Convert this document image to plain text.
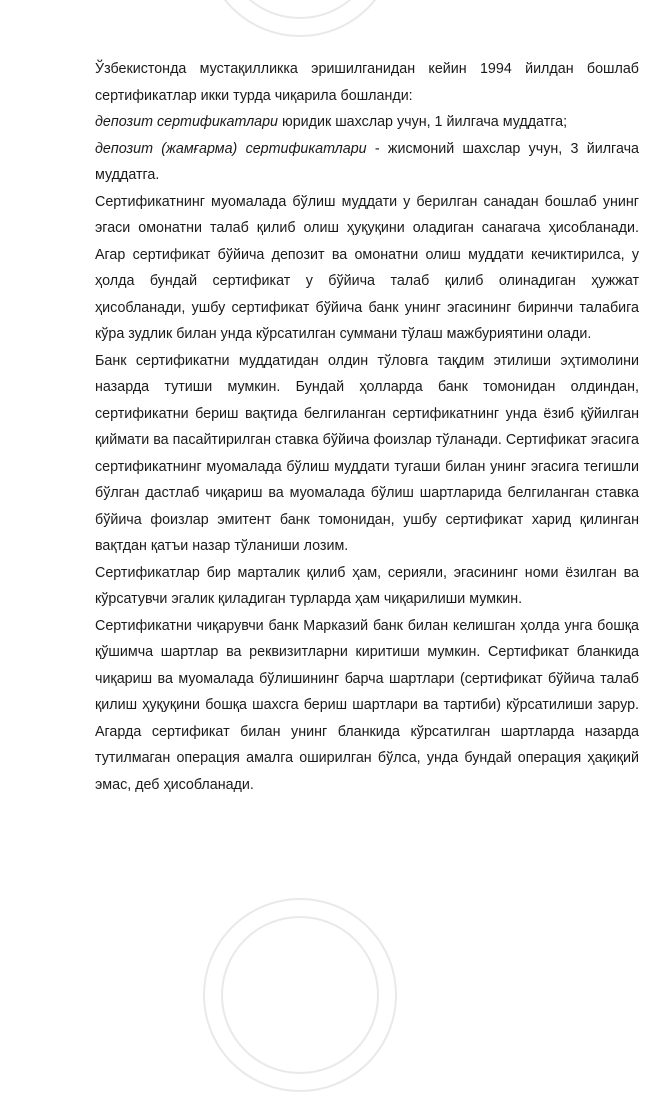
Ўзбекистонда мустақилликка эришилганидан кейин 1994 йилдан бошлаб сертификатлар икки турда чиқарила бошланди:

депозит сертификатлари юридик шахслар учун, 1 йилгача муддатга;

депозит (жамғарма) сертификатлари - жисмоний шахслар учун, 3 йилгача муддатга.

Сертификатнинг муомалада бўлиш муддати у берилган санадан бошлаб унинг эгаси омонатни талаб қилиб олиш ҳуқуқини оладиган санагача ҳисобланади. Агар сертификат бўйича депозит ва омонатни олиш муддати кечиктирилса, у ҳолда бундай сертификат у бўйича талаб қилиб олинадиган ҳужжат ҳисобланади, ушбу сертификат бўйича банк унинг эгасининг биринчи талабига кўра зудлик билан унда кўрсатилган суммани тўлаш мажбуриятини олади.

Банк сертификатни муддатидан олдин тўловга тақдим этилиши эҳтимолини назарда тутиши мумкин. Бундай ҳолларда банк томонидан олдиндан, сертификатни бериш вақтида белгиланган сертификатнинг унда ёзиб қўйилган қиймати ва пасайтирилган ставка бўйича фоизлар тўланади. Сертификат эгасига сертификатнинг муомалада бўлиш муддати тугаши билан унинг эгасига тегишли бўлган дастлаб чиқариш ва муомалада бўлиш шартларида белгиланган ставка бўйича фоизлар эмитент банк томонидан, ушбу сертификат харид қилинган вақтдан қатъи назар тўланиши лозим.

Сертификатлар бир марталик қилиб ҳам, серияли, эгасининг номи ёзилган ва кўрсатувчи эгалик қиладиган турларда ҳам чиқарилиши мумкин.

Сертификатни чиқарувчи банк Марказий банк билан келишган ҳолда унга бошқа қўшимча шартлар ва реквизитларни киритиши мумкин. Сертификат бланкида чиқариш ва муомалада бўлишининг барча шартлари (сертификат бўйича талаб қилиш ҳуқуқини бошқа шахсга бериш шартлари ва тартиби) кўрсатилиши зарур. Агарда сертификат билан унинг бланкида кўрсатилган шартларда назарда тутилмаган операция амалга оширилган бўлса, унда бундай операция ҳақиқий эмас, деб ҳисобланади.
